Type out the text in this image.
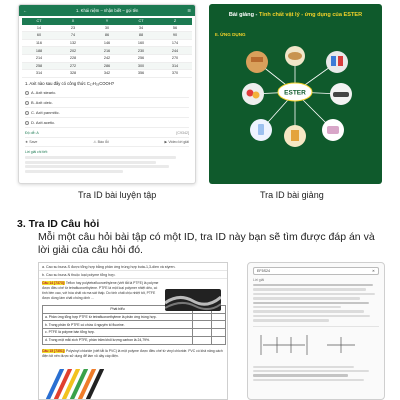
←	1. Khái niệm – nhận biết – gọi tên	☰
CT	X	Y	CT	Z
14	23	30	34	56
60	74	86	88	90
116	132	146	160	174
188	202	216	230	244
214	228	242	256	270
258	272	286	300	314
314	328	342	356	370
1. Axit nào sau đây có công thức C₁₇H₃₃COOH?
A. Axit stearic.
B. Axit oleic.
C. Axit panmitic.
D. Axit acetic.
Độ dễ: A	[C9342]
★ Save	⚠ Báo lỗi	▶ Video lời giải
Lời giải chi tiết:
Bài giảng - Tính chất vật lý - ứng dụng của ESTER
II. ỨNG DỤNG
ESTER
Tra ID bài luyện tập	Tra ID bài giảng
3. Tra ID Câu hỏi
Mỗi một câu hỏi bài tập có một ID, tra ID này bạn sẽ tìm được đáp án và lời giải của câu hỏi đó.
a. Cao su buna-S được tổng hợp bằng phản ứng trùng hợp buta-1,3-dien và styren.
b. Cao su buna-N thuộc loại polyme tổng hợp.
Câu 14 [7373]: Teflon hay polytetrafluoroethylene (viết tắt là PTFE) là polyme được điều chế từ tetrafluoroethylene. PTFE là một loại polymer nhiệt dẻo, có tính bền cao, với hóa chất và ma sát thấp. Do tính chất chịu nhiệt tốt, PTFE được dùng làm chất chống dính ...
Phát biểu		
a. Phản ứng tổng hợp PTFE từ tetrafluoroethylene là phản ứng trùng hợp.		
b. Trong phân tử PTFE có chứa 4 nguyên tố fluorine.		
c. PTFE là polyme bán tổng hợp.		
d. Trong một mắt xích PTFE, phần trăm khối lượng carbon là 24,79%.		
Câu 15 [7351]: Polyvinyl chloride (viết tắt là PVC) là một polyme được điều chế từ vinyl chloride. PVC có khả năng cách điện tốt nên được sử dụng để làm vỏ dây cáp điện.
EF5S24	✕
Lời giải
